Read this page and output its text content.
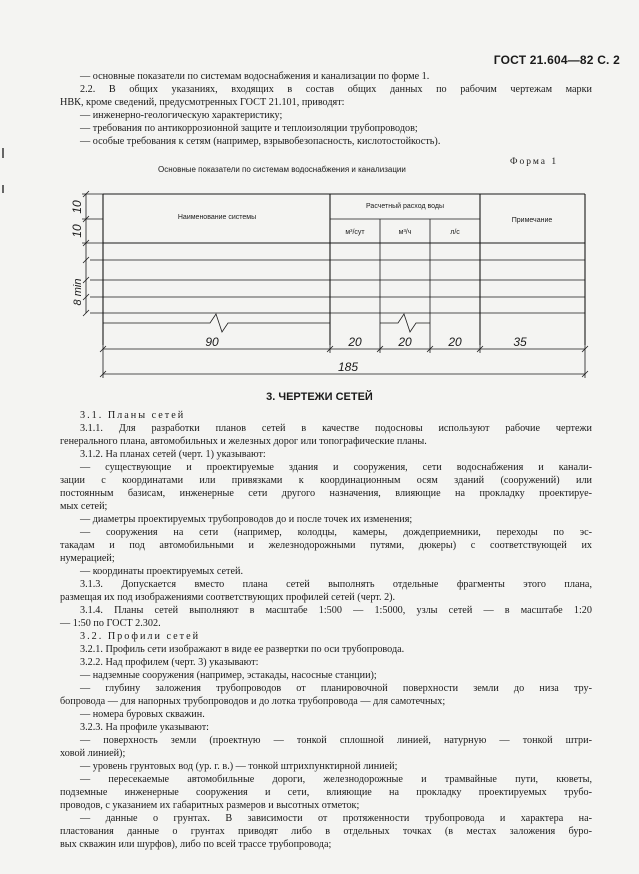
ГОСТ 21.604—82 С. 2
— основные показатели по системам водоснабжения и канализации по форме 1.
2.2. В общих указаниях, входящих в состав общих данных по рабочим чертежам марки
НВК, кроме сведений, предусмотренных ГОСТ 21.101, приводят:
— инженерно-геологическую характеристику;
— требования по антикоррозионной защите и теплоизоляции трубопроводов;
— особые требования к сетям (например, взрывобезопасность, кислотостойкость).
Форма 1
Основные показатели по системам водоснабжения и канализации
Наименование системы
Расчетный расход воды
м³/сут	м³/ч	л/с
Примечание
10
10
8 min
90	20	20	20	35
185
3. ЧЕРТЕЖИ СЕТЕЙ
3.1. Планы сетей
3.1.1. Для разработки планов сетей в качестве подосновы используют рабочие чертежи
генерального плана, автомобильных и железных дорог или топографические планы.
3.1.2. На планах сетей (черт. 1) указывают:
— существующие и проектируемые здания и сооружения, сети водоснабжения и канали-
зации с координатами или привязками к координационным осям зданий (сооружений) или
постоянным базисам, инженерные сети другого назначения, влияющие на прокладку проектируе-
мых сетей;
— диаметры проектируемых трубопроводов до и после точек их изменения;
— сооружения на сети (например, колодцы, камеры, дождеприемники, переходы по эс-
такадам и под автомобильными и железнодорожными путями, дюкеры) с соответствующей их
нумерацией;
— координаты проектируемых сетей.
3.1.3. Допускается вместо плана сетей выполнять отдельные фрагменты этого плана,
размещая их под изображениями соответствующих профилей сетей (черт. 2).
3.1.4. Планы сетей выполняют в масштабе 1:500 — 1:5000, узлы сетей — в масштабе 1:20
— 1:50 по ГОСТ 2.302.
3.2. Профили сетей
3.2.1. Профиль сети изображают в виде ее развертки по оси трубопровода.
3.2.2. Над профилем (черт. 3) указывают:
— надземные сооружения (например, эстакады, насосные станции);
— глубину заложения трубопроводов от планировочной поверхности земли до низа тру-
бопровода — для напорных трубопроводов и до лотка трубопровода — для самотечных;
— номера буровых скважин.
3.2.3. На профиле указывают:
— поверхность земли (проектную — тонкой сплошной линией, натурную — тонкой штри-
ховой линией);
— уровень грунтовых вод (ур. г. в.) — тонкой штрихпунктирной линией;
— пересекаемые автомобильные дороги, железнодорожные и трамвайные пути, кюветы,
подземные инженерные сооружения и сети, влияющие на прокладку проектируемых трубо-
проводов, с указанием их габаритных размеров и высотных отметок;
— данные о грунтах. В зависимости от протяженности трубопровода и характера на-
пластования данные о грунтах приводят либо в отдельных точках (в местах заложения буро-
вых скважин или шурфов), либо по всей трассе трубопровода;
